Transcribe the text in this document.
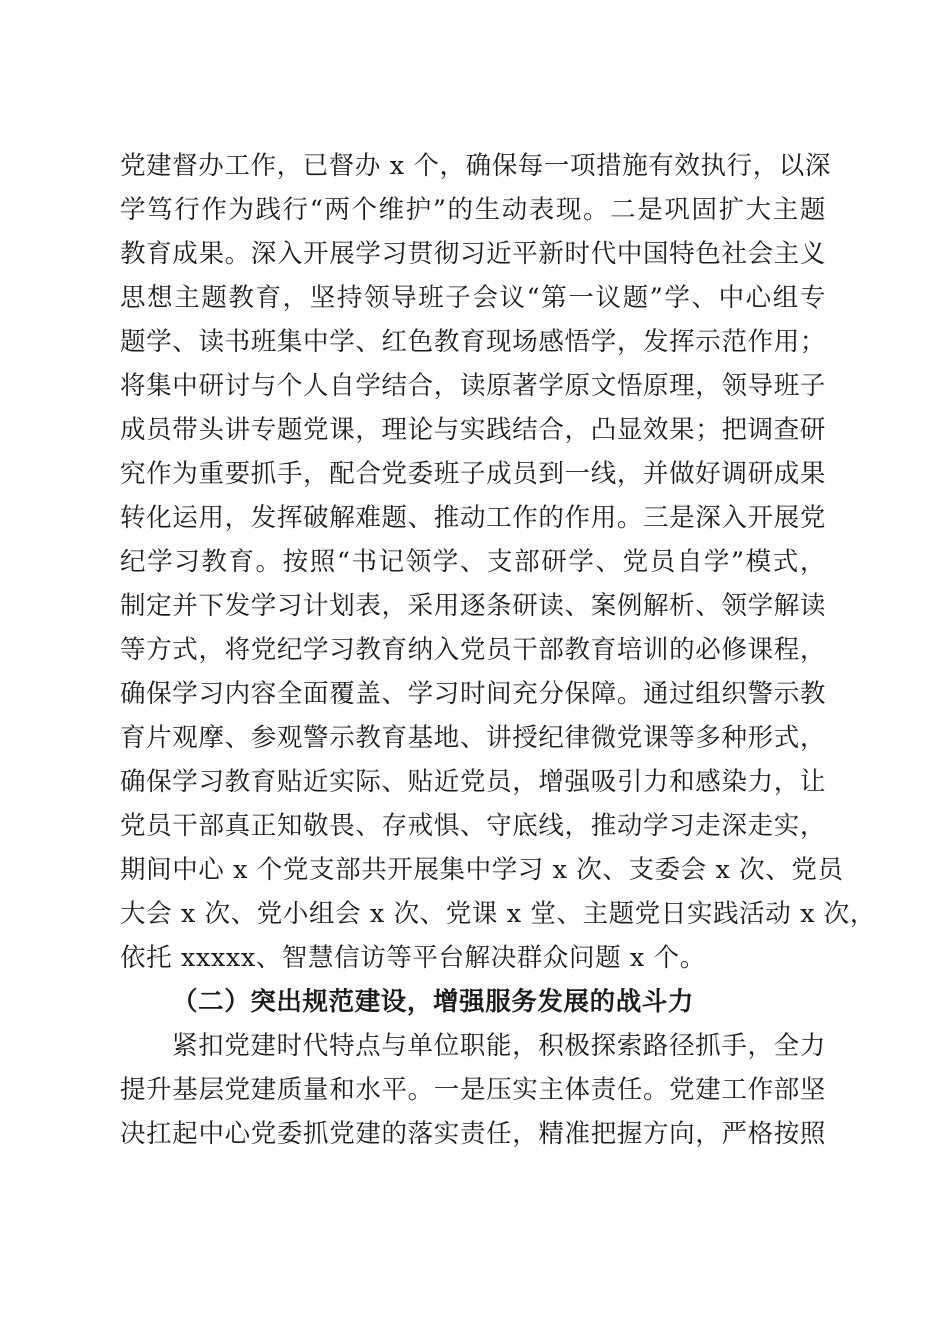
党建督办工作，已督办 x 个，确保每一项措施有效执行，以深
学笃行作为践行“两个维护”的生动表现。二是巩固扩大主题
教育成果。深入开展学习贯彻习近平新时代中国特色社会主义
思想主题教育，坚持领导班子会议“第一议题”学、中心组专
题学、读书班集中学、红色教育现场感悟学，发挥示范作用；
将集中研讨与个人自学结合，读原著学原文悟原理，领导班子
成员带头讲专题党课，理论与实践结合，凸显效果；把调查研
究作为重要抓手，配合党委班子成员到一线，并做好调研成果
转化运用，发挥破解难题、推动工作的作用。三是深入开展党
纪学习教育。按照“书记领学、支部研学、党员自学”模式，
制定并下发学习计划表，采用逐条研读、案例解析、领学解读
等方式，将党纪学习教育纳入党员干部教育培训的必修课程，
确保学习内容全面覆盖、学习时间充分保障。通过组织警示教
育片观摩、参观警示教育基地、讲授纪律微党课等多种形式，
确保学习教育贴近实际、贴近党员，增强吸引力和感染力，让
党员干部真正知敬畏、存戒惧、守底线，推动学习走深走实，
期间中心 x 个党支部共开展集中学习 x 次、支委会 x 次、党员
大会 x 次、党小组会 x 次、党课 x 堂、主题党日实践活动 x 次，
依托 xxxxx、智慧信访等平台解决群众问题 x 个。
（二）突出规范建设，增强服务发展的战斗力
紧扣党建时代特点与单位职能，积极探索路径抓手，全力
提升基层党建质量和水平。一是压实主体责任。党建工作部坚
决扛起中心党委抓党建的落实责任，精准把握方向，严格按照
